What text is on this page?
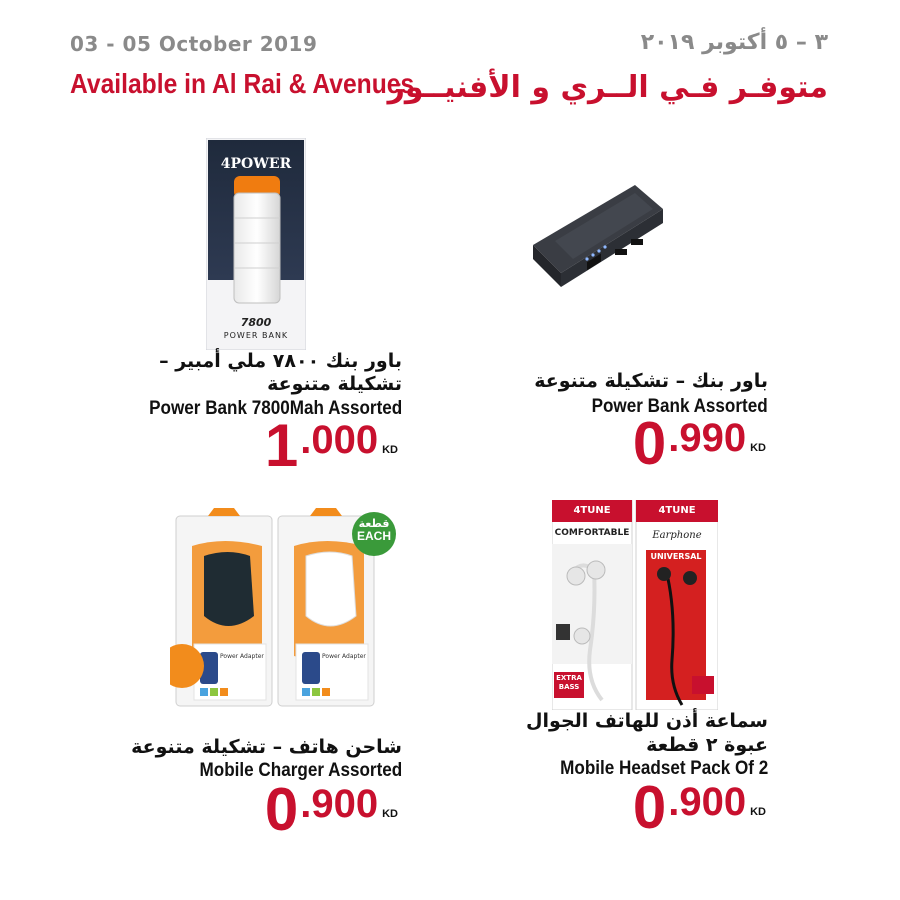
03 - 05 October 2019	٣ – ٥ أكتوبر ٢٠١٩
Available in Al Rai & Avenues
متوفـر فـي الــري و الأفنيــوز
4POWER
7800
POWER BANK
باور بنك ٧٨٠٠ ملي أمبير –
تشكيلة متنوعة
Power Bank 7800Mah Assorted
1 .000 KD
باور بنك – تشكيلة متنوعة
Power Bank Assorted
0 .990 KD
Power Adapter	Power Adapter
قطعة
EACH
شاحن هاتف – تشكيلة متنوعة
Mobile Charger Assorted
0 .900 KD
4TUNE	4TUNE
COMFORTABLE	Earphone
UNIVERSAL
EXTRA BASS
سماعة أذن للهاتف الجوال
عبوة ٢ قطعة
Mobile Headset Pack Of 2
0 .900 KD
